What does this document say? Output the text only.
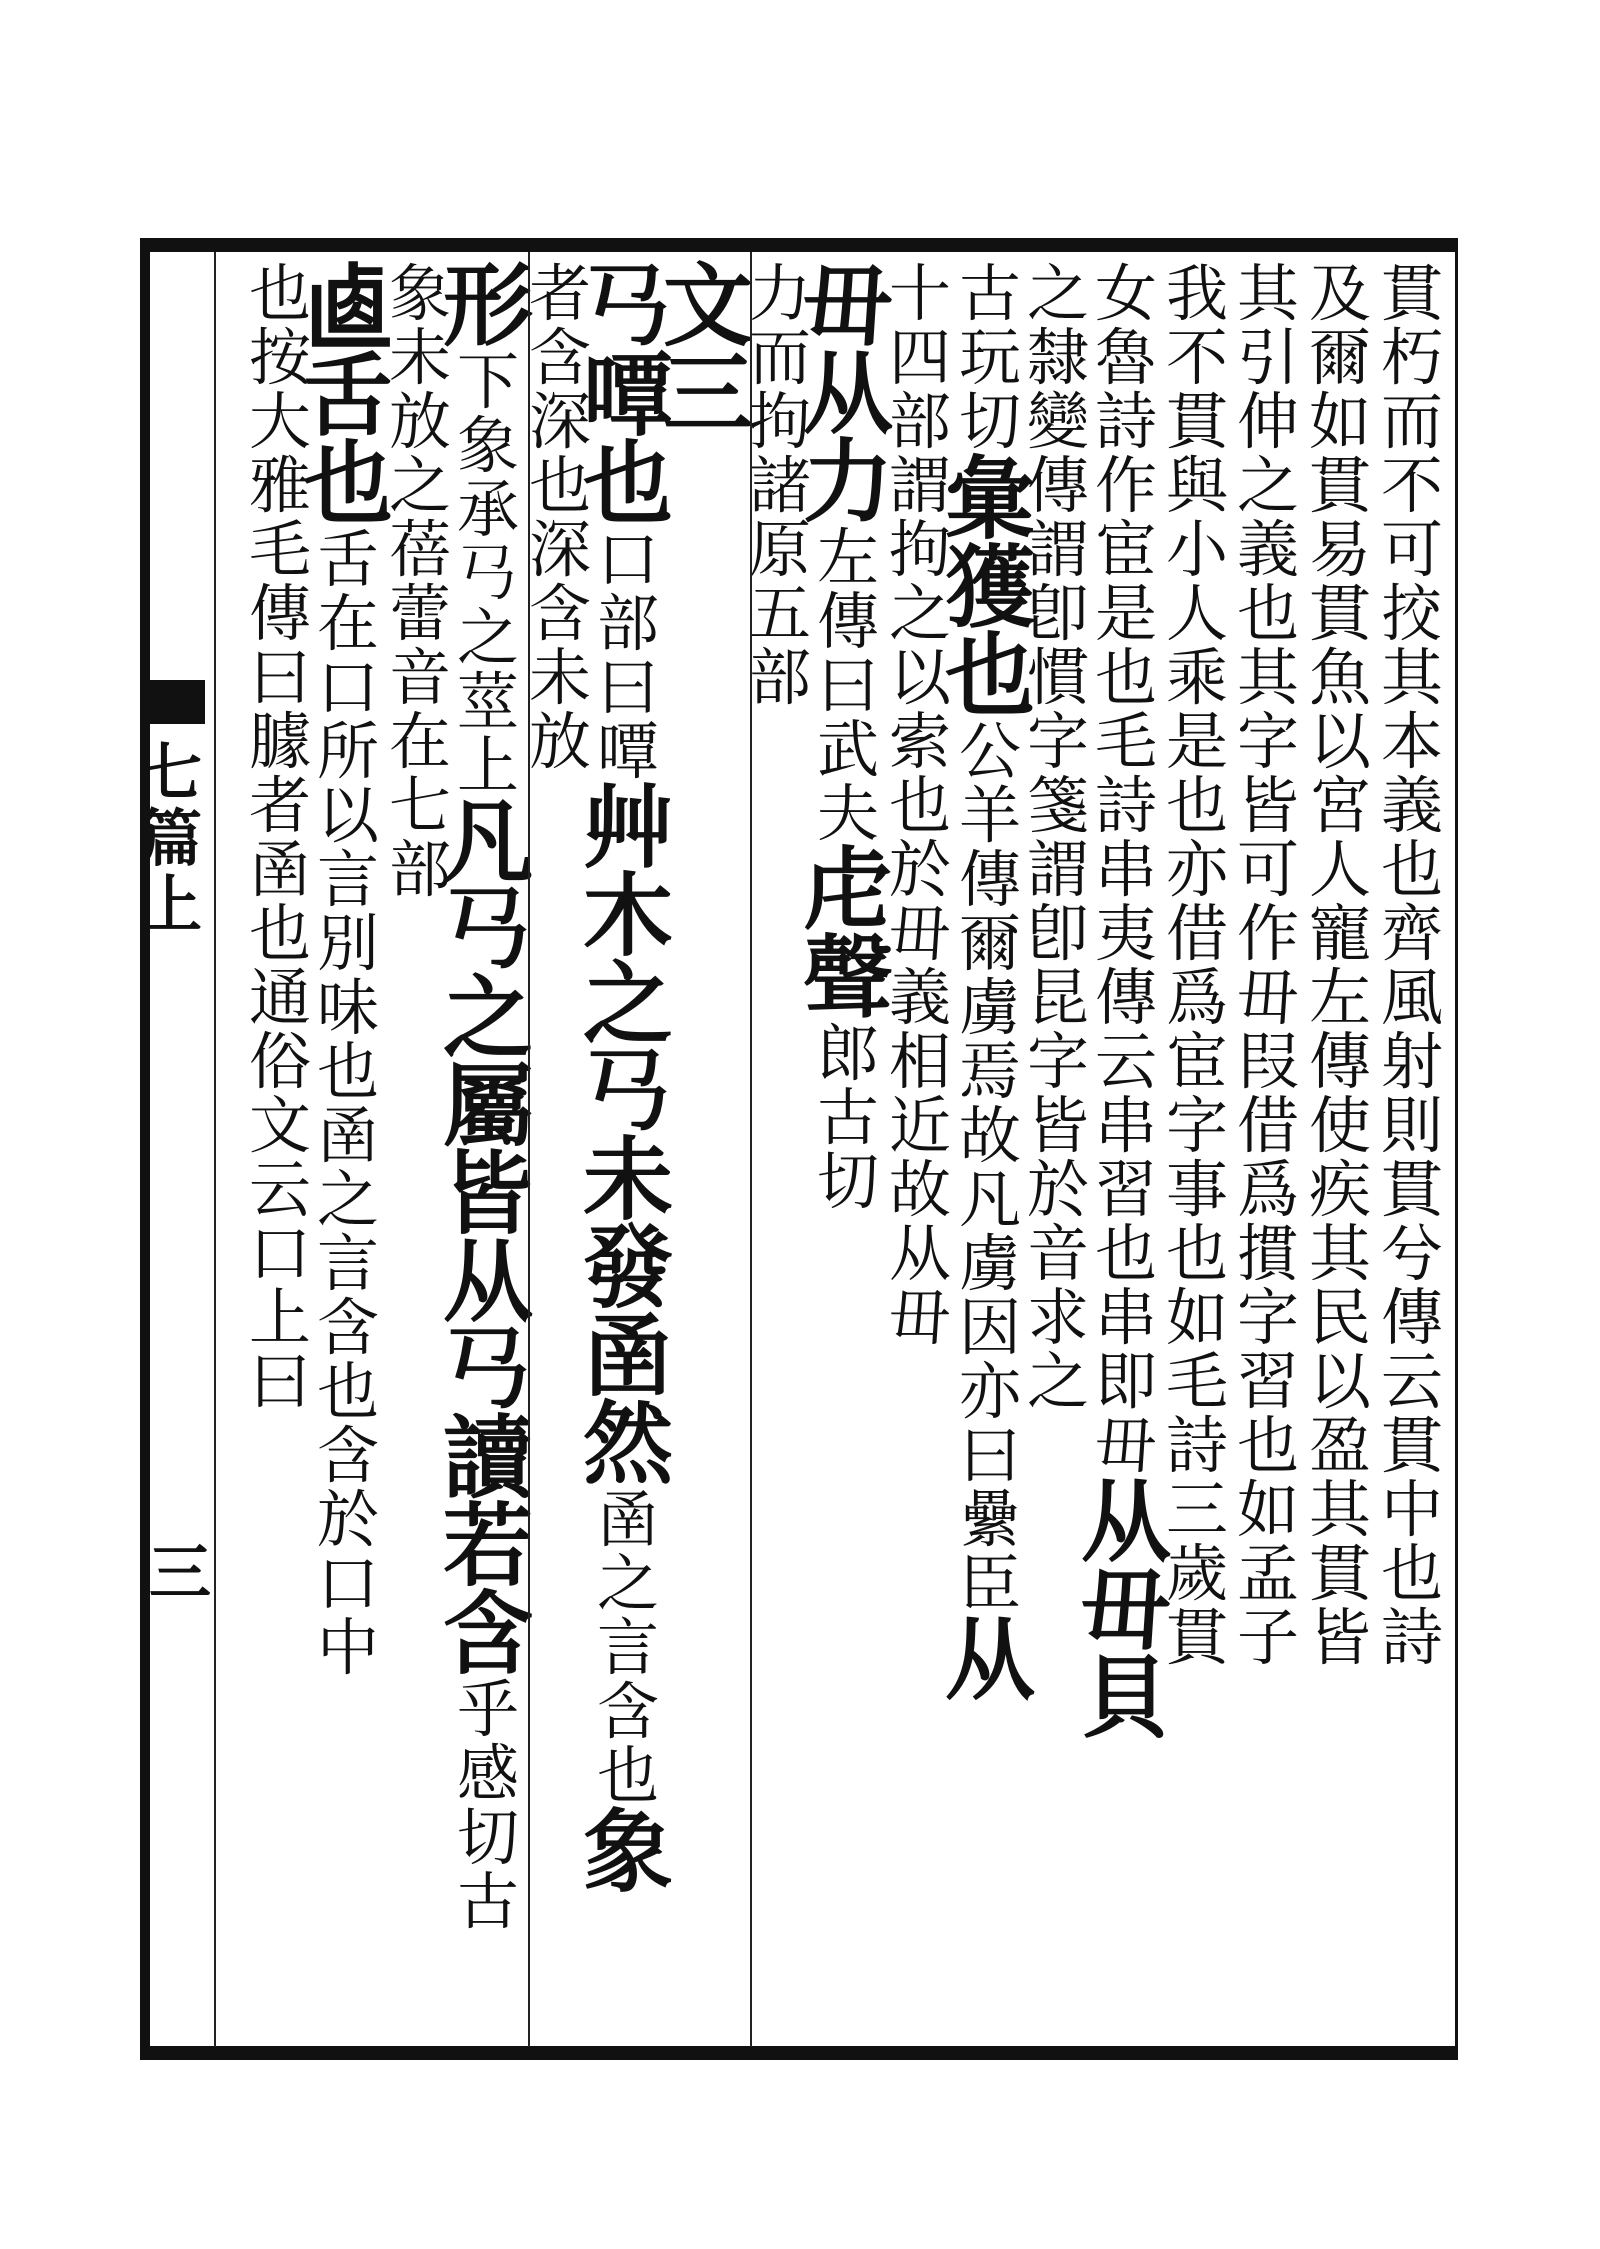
七篇上
三
貫
朽
而
不
可
挍
其
本
義
也
齊
風
射
則
貫
兮
傳
云
貫
中
也
詩
及
爾
如
貫
易
貫
魚
以
宮
人
寵
左
傳
使
疾
其
民
以
盈
其
貫
皆
其
引
伸
之
義
也
其
字
皆
可
作
毌
叚
借
爲
摜
字
習
也
如
孟
子
我
不
貫
與
小
人
乘
是
也
亦
借
爲
宦
字
事
也
如
毛
詩
三
歲
貫
女
魯
詩
作
宦
是
也
毛
詩
串
夷
傳
云
串
習
也
串
即
毌
从
毌
貝
之
隸
變
傳
謂
卽
慣
字
箋
謂
卽
昆
字
皆
於
音
求
之
古
玩
切
𢑥
獲
也
公
羊
傳
爾
虜
焉
故
凡
虜
因
亦
曰
纍
臣
从
十
四
部
謂
拘
之
以
索
也
於
毌
義
相
近
故
从
毌
毌
从
力
左
傳
曰
武
夫
虍
聲
郎
古
切
力
而
拘
諸
原
五
部
文
三
𢎘
嘾
也
口
部
曰
嘾
艸
木
之
𢎘
未
發
圅
然
圅
之
言
含
也
象
者
含
深
也
深
含
未
放
形
下
象
承
𢎘
之
莖
上
凡
𢎘
之
屬
皆
从
𢎘
讀
若
含
乎
感
切
古
象
未
放
之
蓓
蕾
音
在
七
部
𠧴
舌
也
舌
在
口
所
以
言
別
味
也
圅
之
言
含
也
含
於
口
中
也
按
大
雅
毛
傳
曰
臄
者
圅
也
通
俗
文
云
口
上
曰
